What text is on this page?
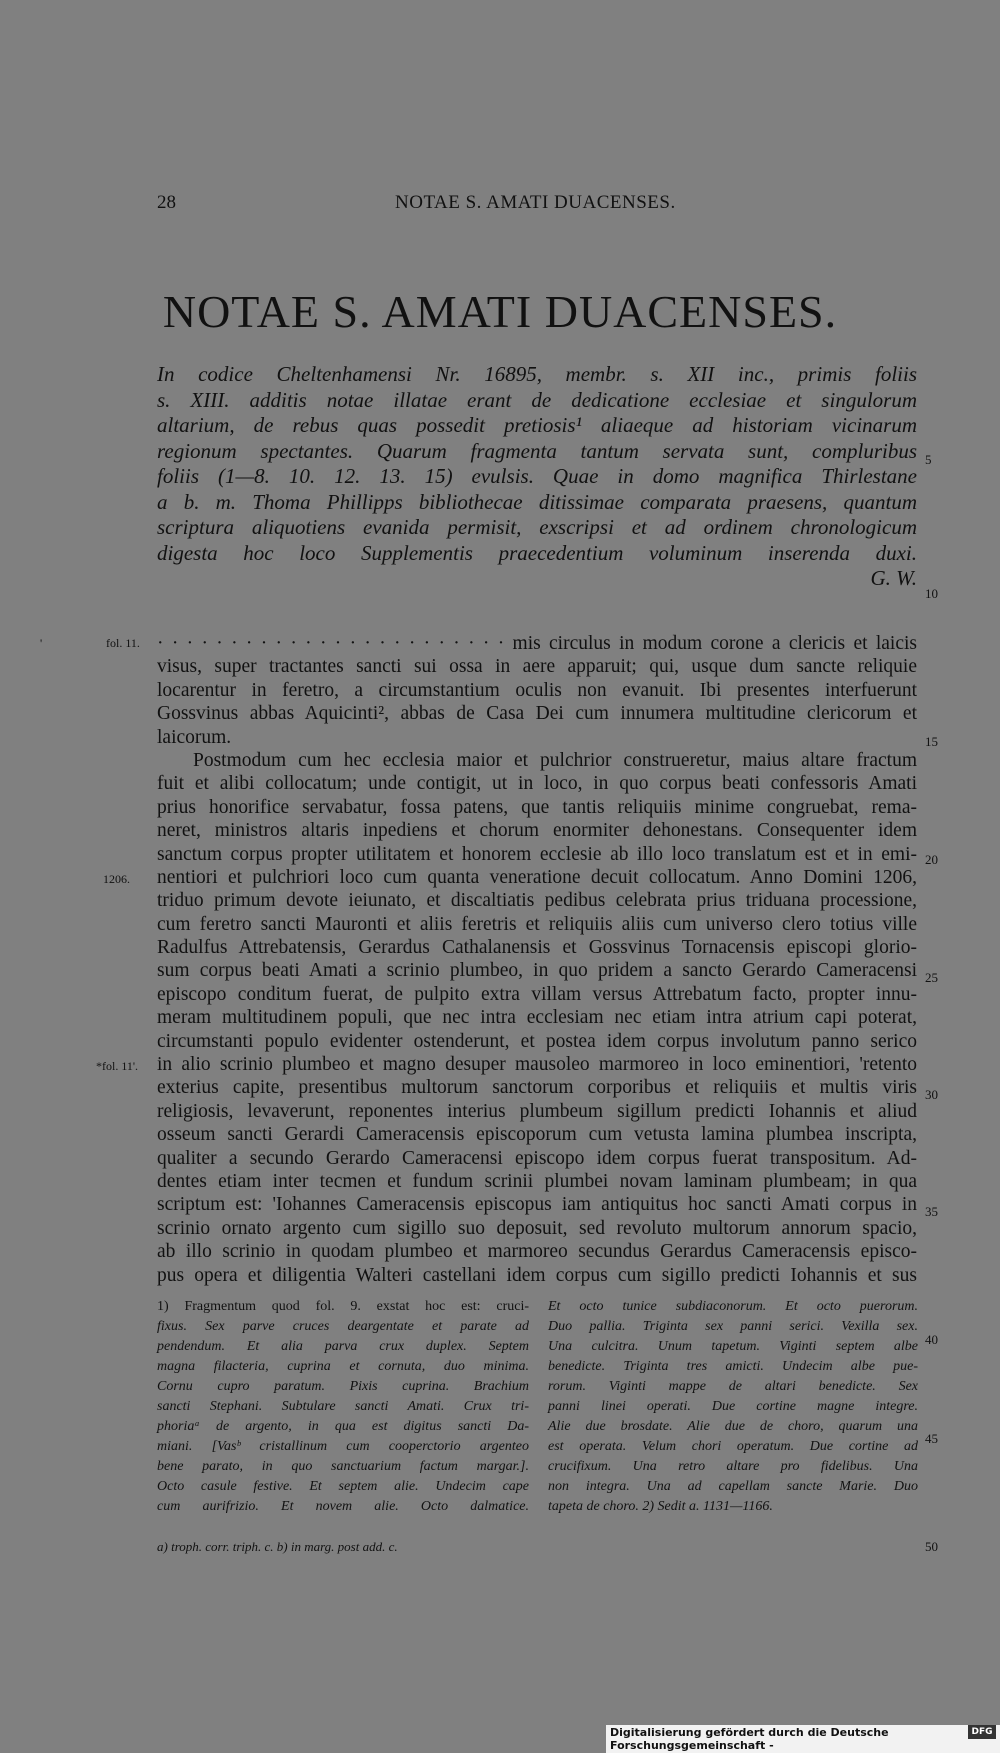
28	NOTAE S. AMATI DUACENSES.
NOTAE S. AMATI DUACENSES.
In codice Cheltenhamensi Nr. 16895, membr. s. XII inc., primis foliis
s. XIII. additis notae illatae erant de dedicatione ecclesiae et singulorum
altarium, de rebus quas possedit pretiosis¹ aliaeque ad historiam vicinarum
regionum spectantes. Quarum fragmenta tantum servata sunt, compluribus
foliis (1—8. 10. 12. 13. 15) evulsis. Quae in domo magnifica Thirlestane
a b. m. Thoma Phillipps bibliothecae ditissimae comparata praesens, quantum
scriptura aliquotiens evanida permisit, exscripsi et ad ordinem chronologicum
digesta hoc loco Supplementis praecedentium voluminum inserenda duxi.
G. W.
· · · · · · · · · · · · · · · · · · · · · · · · mis circulus in modum corone a clericis et laicis
visus, super tractantes sancti sui ossa in aere apparuit; qui, usque dum sancte reliquie
locarentur in feretro, a circumstantium oculis non evanuit. Ibi presentes interfuerunt
Gossvinus abbas Aquicinti², abbas de Casa Dei cum innumera multitudine clericorum et
laicorum.
Postmodum cum hec ecclesia maior et pulchrior construeretur, maius altare fractum
fuit et alibi collocatum; unde contigit, ut in loco, in quo corpus beati confessoris Amati
prius honorifice servabatur, fossa patens, que tantis reliquiis minime congruebat, rema-
neret, ministros altaris inpediens et chorum enormiter dehonestans. Consequenter idem
sanctum corpus propter utilitatem et honorem ecclesie ab illo loco translatum est et in emi-
nentiori et pulchriori loco cum quanta veneratione decuit collocatum. Anno Domini 1206,
triduo primum devote ieiunato, et discaltiatis pedibus celebrata prius triduana processione,
cum feretro sancti Mauronti et aliis feretris et reliquiis aliis cum universo clero totius ville
Radulfus Attrebatensis, Gerardus Cathalanensis et Gossvinus Tornacensis episcopi glorio-
sum corpus beati Amati a scrinio plumbeo, in quo pridem a sancto Gerardo Cameracensi
episcopo conditum fuerat, de pulpito extra villam versus Attrebatum facto, propter innu-
meram multitudinem populi, que nec intra ecclesiam nec etiam intra atrium capi poterat,
circumstanti populo evidenter ostenderunt, et postea idem corpus involutum panno serico
in alio scrinio plumbeo et magno desuper mausoleo marmoreo in loco eminentiori, 'retento
exterius capite, presentibus multorum sanctorum corporibus et reliquiis et multis viris
religiosis, levaverunt, reponentes interius plumbeum sigillum predicti Iohannis et aliud
osseum sancti Gerardi Cameracensis episcoporum cum vetusta lamina plumbea inscripta,
qualiter a secundo Gerardo Cameracensi episcopo idem corpus fuerat transpositum. Ad-
dentes etiam inter tecmen et fundum scrinii plumbei novam laminam plumbeam; in qua
scriptum est: 'Iohannes Cameracensis episcopus iam antiquitus hoc sancti Amati corpus in
scrinio ornato argento cum sigillo suo deposuit, sed revoluto multorum annorum spacio,
ab illo scrinio in quodam plumbeo et marmoreo secundus Gerardus Cameracensis episco-
pus opera et diligentia Walteri castellani idem corpus cum sigillo predicti Iohannis et sus
'	fol. 11.
1206.
*fol. 11'.
5
10
15
20
25
30
35
40
45
50
1) Fragmentum quod fol. 9. exstat hoc est: cruci-
fixus. Sex parve cruces deargentate et parate ad
pendendum. Et alia parva crux duplex. Septem
magna filacteria, cuprina et cornuta, duo minima.
Cornu cupro paratum. Pixis cuprina. Brachium
sancti Stephani. Subtulare sancti Amati. Crux tri-
phoriaᵃ de argento, in qua est digitus sancti Da-
miani. [Vasᵇ cristallinum cum cooperctorio argenteo
bene parato, in quo sanctuarium factum margar.].
Octo casule festive. Et septem alie. Undecim cape
cum aurifrizio. Et novem alie. Octo dalmatice.
Et octo tunice subdiaconorum. Et octo puerorum.
Duo pallia. Triginta sex panni serici. Vexilla sex.
Una culcitra. Unum tapetum. Viginti septem albe
benedicte. Triginta tres amicti. Undecim albe pue-
rorum. Viginti mappe de altari benedicte. Sex
panni linei operati. Due cortine magne integre.
Alie due brosdate. Alie due de choro, quarum una
est operata. Velum chori operatum. Due cortine ad
crucifixum. Una retro altare pro fidelibus. Una
non integra. Una ad capellam sancte Marie. Duo
tapeta de choro. 2) Sedit a. 1131—1166.
a) troph. corr. triph. c. b) in marg. post add. c.
Digitalisierung gefördert durch die Deutsche Forschungsgemeinschaft -
DFG
